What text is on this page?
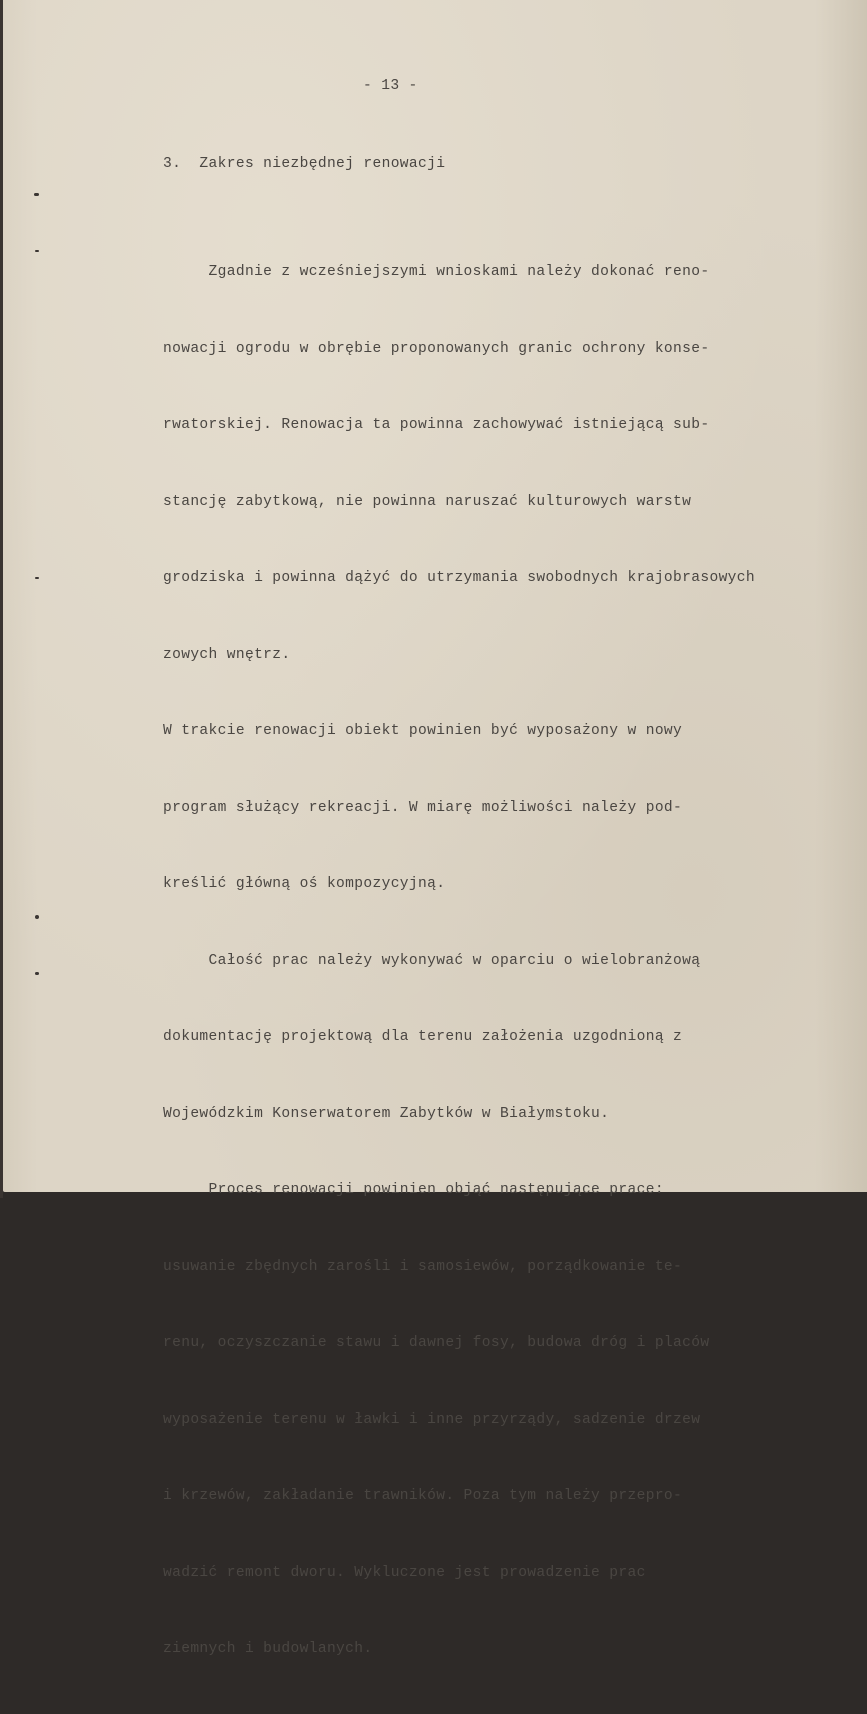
- 13 -
3.  Zakres niezbędnej renowacji

Zgadnie z wcześniejszymi wnioskami należy dokonać reno-

nowacji ogrodu w obrębie proponowanych granic ochrony konse-

rwatorskiej. Renowacja ta powinna zachowywać istniejącą sub-

stancję zabytkową, nie powinna naruszać kulturowych warstw

grodziska i powinna dążyć do utrzymania swobodnych krajobrasowych

zowych wnętrz.

W trakcie renowacji obiekt powinien być wyposażony w nowy

program służący rekreacji. W miarę możliwości należy pod-

kreślić główną oś kompozycyjną.

Całość prac należy wykonywać w oparciu o wielobranżową

dokumentację projektową dla terenu założenia uzgodnioną z

Wojewódzkim Konserwatorem Zabytków w Białymstoku.

Proces renowacji powinien objąć następujące prace:

usuwanie zbędnych zarośli i samosiewów, porządkowanie te-

renu, oczyszczanie stawu i dawnej fosy, budowa dróg i placów

wyposażenie terenu w ławki i inne przyrządy, sadzenie drzew

i krzewów, zakładanie trawników. Poza tym należy przepro-

wadzić remont dworu. Wykluczone jest prowadzenie prac

ziemnych i budowlanych.
